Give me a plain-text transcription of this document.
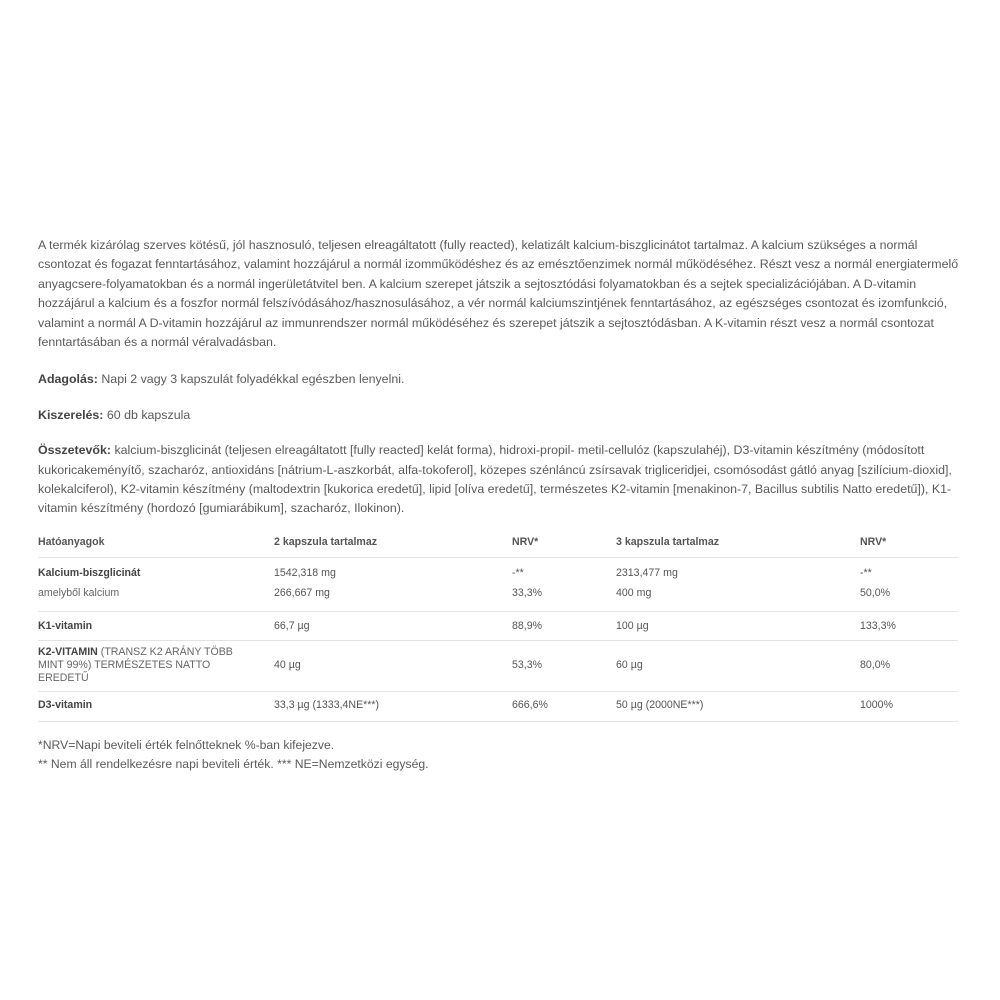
A termék kizárólag szerves kötésű, jól hasznosuló, teljesen elreagáltatott (fully reacted), kelatizált kalcium-biszglicinátot tartalmaz. A kalcium szükséges a normál csontozat és fogazat fenntartásához, valamint hozzájárul a normál izomműködéshez és az emésztőenzimek normál működéséhez. Részt vesz a normál energiatermelő anyagcsere-folyamatokban és a normál ingerületátvitel ben. A kalcium szerepet játszik a sejtosztódási folyamatokban és a sejtek specializációjában. A D-vitamin hozzájárul a kalcium és a foszfor normál felszívódásához/hasznosulásához, a vér normál kalciumszintjének fenntartásához, az egészséges csontozat és izomfunkció, valamint a normál A D-vitamin hozzájárul az immunrendszer normál működéséhez és szerepet játszik a sejtosztódásban. A K-vitamin részt vesz a normál csontozat fenntartásában és a normál véralvadásban.

Adagolás: Napi 2 vagy 3 kapszulát folyadékkal egészben lenyelni.

Kiszerelés: 60 db kapszula

Összetevők: kalcium-biszglicinát (teljesen elreagáltatott [fully reacted] kelát forma), hidroxi-propil- metil-cellulóz (kapszulahéj), D3-vitamin készítmény (módosított kukoricakeményítő, szacharóz, antioxidáns [nátrium-L-aszkorbát, alfa-tokoferol], közepes szénláncú zsírsavak trigliceridjei, csomósodást gátló anyag [szilícium-dioxid], kolekalciferol), K2-vitamin készítmény (maltodextrin [kukorica eredetű], lipid [olíva eredetű], természetes K2-vitamin [menakinon-7, Bacillus subtilis Natto eredetű]), K1-vitamin készítmény (hordozó [gumiarábikum], szacharóz, Ilokinon).

Hatóanyagok	2 kapszula tartalmaz	NRV*	3 kapszula tartalmaz	NRV*
Kalcium-biszglicinát	1542,318 mg	-**	2313,477 mg	-**
amelyből kalcium	266,667 mg	33,3%	400 mg	50,0%
K1-vitamin	66,7 µg	88,9%	100 µg	133,3%

K2-VITAMIN (TRANSZ K2 ARÁNY TÖBB MINT 99%) TERMÉSZETES NATTO EREDETŰ	40 µg	53,3%	60 µg	80,0%
D3-vitamin	33,3 µg (1333,4NE***)	666,6%	50 µg (2000NE***)	1000%

*NRV=Napi beviteli érték felnőtteknek %-ban kifejezve.

** Nem áll rendelkezésre napi beviteli érték. *** NE=Nemzetközi egység.
